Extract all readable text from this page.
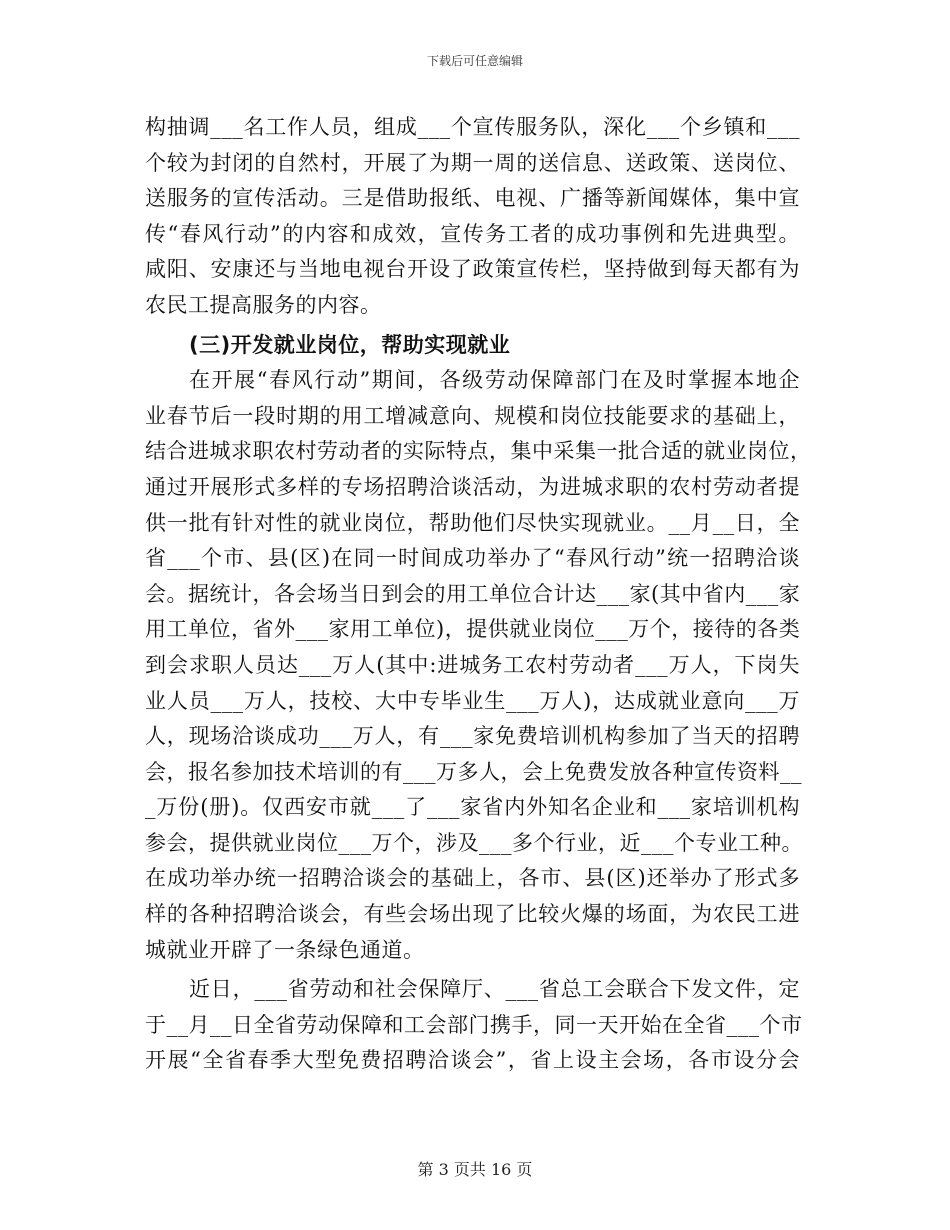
下载后可任意编辑
构抽调___名工作人员，组成___个宣传服务队，深化___个乡镇和___
个较为封闭的自然村，开展了为期一周的送信息、送政策、送岗位、
送服务的宣传活动。三是借助报纸、电视、广播等新闻媒体，集中宣
传“春风行动”的内容和成效，宣传务工者的成功事例和先进典型。
咸阳、安康还与当地电视台开设了政策宣传栏，坚持做到每天都有为
农民工提高服务的内容。
(三)开发就业岗位，帮助实现就业
在开展“春风行动”期间，各级劳动保障部门在及时掌握本地企
业春节后一段时期的用工增减意向、规模和岗位技能要求的基础上，
结合进城求职农村劳动者的实际特点，集中采集一批合适的就业岗位，
通过开展形式多样的专场招聘洽谈活动，为进城求职的农村劳动者提
供一批有针对性的就业岗位，帮助他们尽快实现就业。__月__日，全
省___个市、县(区)在同一时间成功举办了“春风行动”统一招聘洽谈
会。据统计，各会场当日到会的用工单位合计达___家(其中省内___家
用工单位，省外___家用工单位)，提供就业岗位___万个，接待的各类
到会求职人员达___万人(其中:进城务工农村劳动者___万人，下岗失
业人员___万人，技校、大中专毕业生___万人)，达成就业意向___万
人，现场洽谈成功___万人，有___家免费培训机构参加了当天的招聘
会，报名参加技术培训的有___万多人，会上免费发放各种宣传资料__
_万份(册)。仅西安市就___了___家省内外知名企业和___家培训机构
参会，提供就业岗位___万个，涉及___多个行业，近___个专业工种。
在成功举办统一招聘洽谈会的基础上，各市、县(区)还举办了形式多
样的各种招聘洽谈会，有些会场出现了比较火爆的场面，为农民工进
城就业开辟了一条绿色通道。
近日，___省劳动和社会保障厅、___省总工会联合下发文件，定
于__月__日全省劳动保障和工会部门携手，同一天开始在全省___个市
开展“全省春季大型免费招聘洽谈会”，省上设主会场，各市设分会
第 3 页共 16 页
